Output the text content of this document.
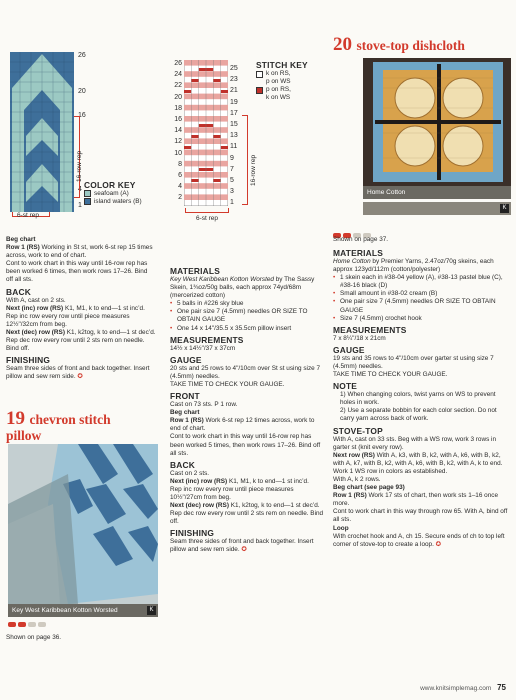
26
20
16
4
1
16-row rep
6-st rep
COLOR KEY
seafoam (A)
island waters (B)
Beg chart
Row 1 (RS) Working in St st, work 6-st rep 15 times across, work to end of chart.
Cont to work chart in this way until 16-row rep has been worked 6 times, then work rows 17–26. Bind off all sts.
BACK
With A, cast on 2 sts.
Next (inc) row (RS) K1, M1, k to end—1 st inc’d.
Rep inc row every row until piece measures 12½"/32cm from beg.
Next (dec) row (RS) K1, k2tog, k to end—1 st dec’d.
Rep dec row every row until 2 sts rem on needle. Bind off.
FINISHING
Seam three sides of front and back together. Insert pillow and sew rem side. ✪
19 chevron stitch
pillow
Key West Karibbean Kotton Worsted	K
Shown on page 36.
26
24
22
20
18
16
14
12
10
8
6
4
2
25
23
21
19
17
15
13
11
9
7
5
3
1
16-row rep
6-st rep
STITCH KEY
k on RS,
p on WS
p on RS,
k on WS
MATERIALS
Key West Karibbean Kotton Worsted by The Sassy Skein, 1¾oz/50g balls, each approx 74yd/68m (mercerized cotton)
• 5 balls in #226 sky blue
• One pair size 7 (4.5mm) needles OR SIZE TO OBTAIN GAUGE
• One 14 x 14"/35.5 x 35.5cm pillow insert
MEASUREMENTS
14½ x 14½"/37 x 37cm
GAUGE
20 sts and 25 rows to 4"/10cm over St st using size 7 (4.5mm) needles.
TAKE TIME TO CHECK YOUR GAUGE.
FRONT
Cast on 73 sts. P 1 row.
Beg chart
Row 1 (RS) Work 6-st rep 12 times across, work to end of chart.
Cont to work chart in this way until 16-row rep has been worked 5 times, then work rows 17–26. Bind off all sts.
BACK
Cast on 2 sts.
Next (inc) row (RS) K1, M1, k to end—1 st inc’d.
Rep inc row every row until piece measures 10½"/27cm from beg.
Next (dec) row (RS) K1, k2tog, k to end—1 st dec’d.
Rep dec row every row until 2 sts rem on needle. Bind off.
FINISHING
Seam three sides of front and back together. Insert pillow and sew rem side. ✪
20 stove-top dishcloth
Home Cotton
K
Shown on page 37.
MATERIALS
Home Cotton by Premier Yarns, 2.47oz/70g skeins, each approx 123yd/112m (cotton/polyester)
• 1 skein each in #38-04 yellow (A), #38-13 pastel blue (C), #38-16 black (D)
• Small amount in #38-02 cream (B)
• One pair size 7 (4.5mm) needles OR SIZE TO OBTAIN GAUGE
• Size 7 (4.5mm) crochet hook
MEASUREMENTS
7 x 8¼"/18 x 21cm
GAUGE
19 sts and 35 rows to 4"/10cm over garter st using size 7 (4.5mm) needles.
TAKE TIME TO CHECK YOUR GAUGE.
NOTE
1) When changing colors, twist yarns on WS to prevent holes in work.
2) Use a separate bobbin for each color section. Do not carry yarn across back of work.
STOVE-TOP
With A, cast on 33 sts. Beg with a WS row, work 3 rows in garter st (knit every row).
Next row (RS) With A, k3, with B, k2, with A, k6, with B, k2, with A, k7, with B, k2, with A, k6, with B, k2, with A, k to end.
Work 1 WS row in colors as established.
With A, k 2 rows.
Beg chart (see page 93)
Row 1 (RS) Work 17 sts of chart, then work sts 1–16 once more.
Cont to work chart in this way through row 65. With A, bind off all sts.
Loop
With crochet hook and A, ch 15. Secure ends of ch to top left corner of stove-top to create a loop. ✪
www.knitsimplemag.com 75
